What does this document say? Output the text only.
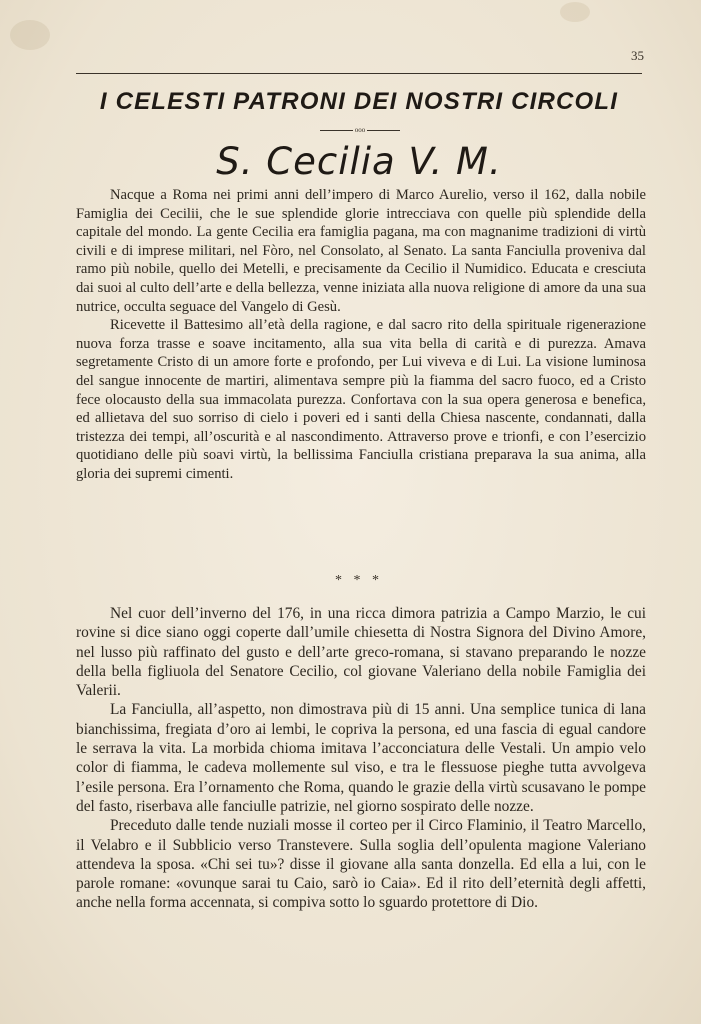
35
I CELESTI PATRONI DEI NOSTRI CIRCOLI
ooo
S. Cecilia V. M.

Nacque a Roma nei primi anni dell’impero di Marco Aurelio, verso il 162, dalla nobile Famiglia dei Cecilii, che le sue splendide glorie intrecciava con quelle più splendide della capitale del mondo. La gente Cecilia era famiglia pagana, ma con magnanime tradizioni di virtù civili e di imprese militari, nel Fòro, nel Consolato, al Senato. La santa Fanciulla proveniva dal ramo più nobile, quello dei Metelli, e precisamente da Cecilio il Numidico. Educata e cresciuta dai suoi al culto dell’arte e della bellezza, venne iniziata alla nuova religione di amore da una sua nutrice, occulta seguace del Vangelo di Gesù.

Ricevette il Battesimo all’età della ragione, e dal sacro rito della spirituale rigenerazione nuova forza trasse e soave incitamento, alla sua vita bella di carità e di purezza. Amava segretamente Cristo di un amore forte e profondo, per Lui viveva e di Lui. La visione luminosa del sangue innocente de martiri, alimentava sempre più la fiamma del sacro fuoco, ed a Cristo fece olocausto della sua immacolata purezza. Confortava con la sua opera generosa e benefica, ed allietava del suo sorriso di cielo i poveri ed i santi della Chiesa nascente, condannati, dalla tristezza dei tempi, all’oscurità e al nascondimento. Attraverso prove e trionfi, e con l’esercizio quotidiano delle più soavi virtù, la bellissima Fanciulla cristiana preparava la sua anima, alla gloria dei supremi cimenti.

* * *

Nel cuor dell’inverno del 176, in una ricca dimora patrizia a Campo Marzio, le cui rovine si dice siano oggi coperte dall’umile chiesetta di Nostra Signora del Divino Amore, nel lusso più raffinato del gusto e dell’arte greco-romana, si stavano preparando le nozze della bella figliuola del Senatore Cecilio, col giovane Valeriano della nobile Famiglia dei Valerii.

La Fanciulla, all’aspetto, non dimostrava più di 15 anni. Una semplice tunica di lana bianchissima, fregiata d’oro ai lembi, le copriva la persona, ed una fascia di egual candore le serrava la vita. La morbida chioma imitava l’acconciatura delle Vestali. Un ampio velo color di fiamma, le cadeva mollemente sul viso, e tra le flessuose pieghe tutta avvolgeva l’esile persona. Era l’ornamento che Roma, quando le grazie della virtù scusavano le pompe del fasto, riserbava alle fanciulle patrizie, nel giorno sospirato delle nozze.

Preceduto dalle tende nuziali mosse il corteo per il Circo Flaminio, il Teatro Marcello, il Velabro e il Subblicio verso Transtevere. Sulla soglia dell’opulenta magione Valeriano attendeva la sposa. «Chi sei tu»? disse il giovane alla santa donzella. Ed ella a lui, con le parole romane: «ovunque sarai tu Caio, sarò io Caia». Ed il rito dell’eternità degli affetti, anche nella forma accennata, si compiva sotto lo sguardo protettore di Dio.
